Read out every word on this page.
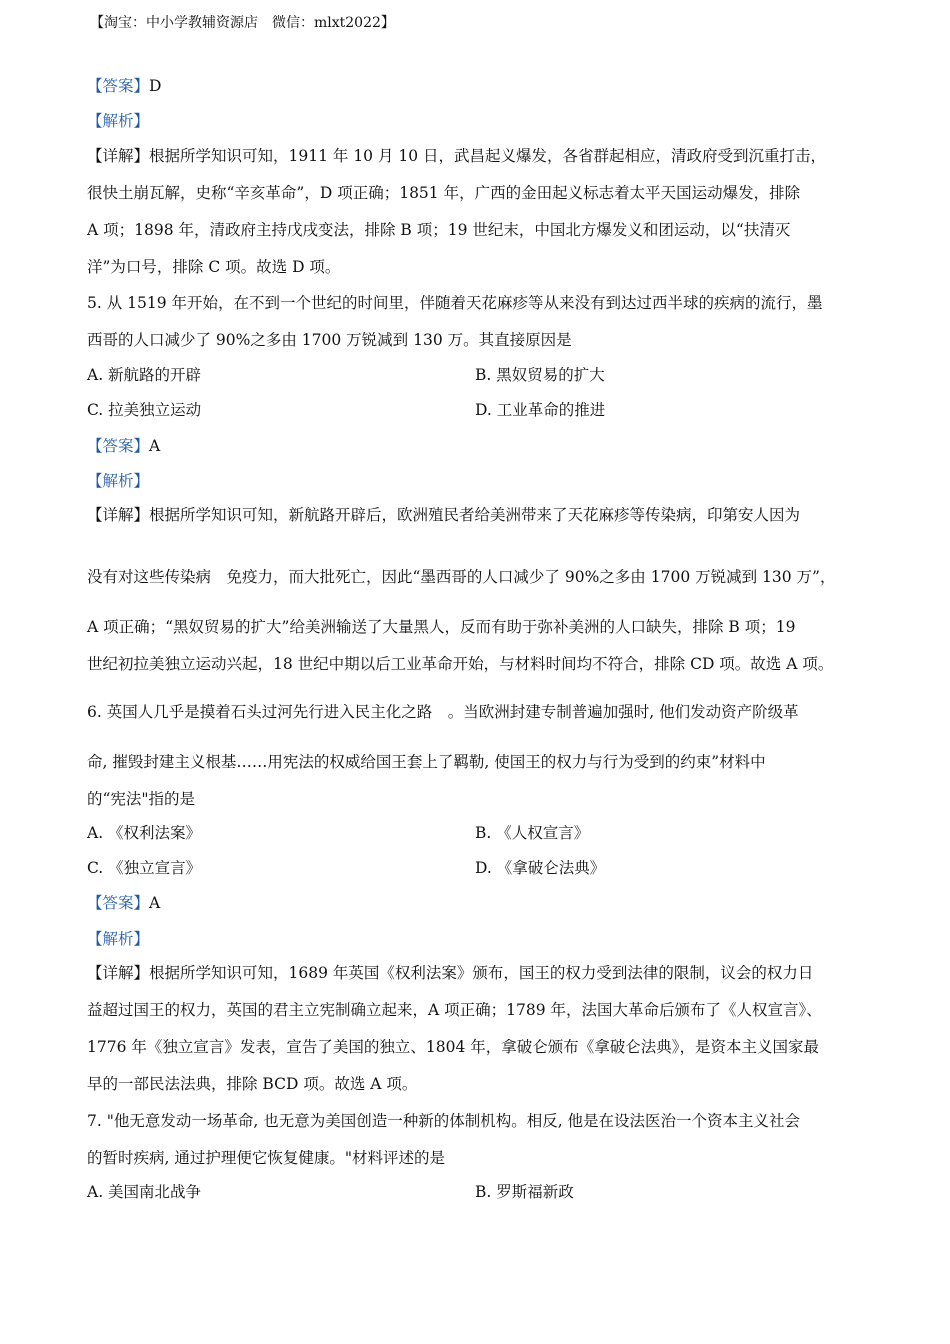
【淘宝：中小学教辅资源店　微信：mlxt2022】
【答案】D
【解析】
【详解】根据所学知识可知，1911 年 10 月 10 日，武昌起义爆发，各省群起相应，清政府受到沉重打击，
很快土崩瓦解，史称“辛亥革命”，D 项正确；1851 年，广西的金田起义标志着太平天国运动爆发，排除
A 项；1898 年，清政府主持戊戌变法，排除 B 项；19 世纪末，中国北方爆发义和团运动，以“扶清灭
洋”为口号，排除 C 项。故选 D 项。
5. 从 1519 年开始，在不到一个世纪的时间里，伴随着天花麻疹等从来没有到达过西半球的疾病的流行，墨
西哥的人口减少了 90%之多由 1700 万锐减到 130 万。其直接原因是
A. 新航路的开辟	B. 黑奴贸易的扩大
C. 拉美独立运动	D. 工业革命的推进
【答案】A
【解析】
【详解】根据所学知识可知，新航路开辟后，欧洲殖民者给美洲带来了天花麻疹等传染病，印第安人因为
没有对这些传染病　免疫力，而大批死亡，因此“墨西哥的人口减少了 90%之多由 1700 万锐减到 130 万”，
A 项正确；“黑奴贸易的扩大”给美洲输送了大量黑人，反而有助于弥补美洲的人口缺失，排除 B 项；19
世纪初拉美独立运动兴起，18 世纪中期以后工业革命开始，与材料时间均不符合，排除 CD 项。故选 A 项。
6. 英国人几乎是摸着石头过河先行进入民主化之路　。当欧洲封建专制普遍加强时, 他们发动资产阶级革
命, 摧毁封建主义根基……用宪法的权威给国王套上了羁勒, 使国王的权力与行为受到的约束”材料中
的“宪法"指的是
A. 《权利法案》	B. 《人权宣言》
C. 《独立宣言》	D. 《拿破仑法典》
【答案】A
【解析】
【详解】根据所学知识可知，1689 年英国《权利法案》颁布，国王的权力受到法律的限制，议会的权力日
益超过国王的权力，英国的君主立宪制确立起来，A 项正确；1789 年，法国大革命后颁布了《人权宣言》、
1776 年《独立宣言》发表，宣告了美国的独立、1804 年，拿破仑颁布《拿破仑法典》，是资本主义国家最
早的一部民法法典，排除 BCD 项。故选 A 项。
7. "他无意发动一场革命, 也无意为美国创造一种新的体制机构。相反, 他是在设法医治一个资本主义社会
的暂时疾病, 通过护理便它恢复健康。"材料评述的是
A. 美国南北战争	B. 罗斯福新政
